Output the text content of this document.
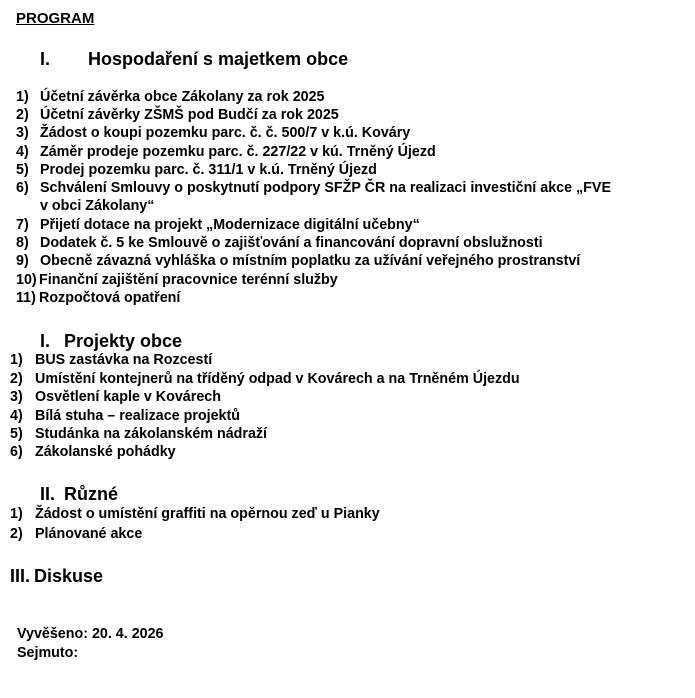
PROGRAM
I. Hospodaření s majetkem obce
1) Účetní závěrka obce Zákolany za rok 2025
2) Účetní závěrky ZŠMŠ pod Budčí za rok 2025
3) Žádost o koupi pozemku parc. č. č. 500/7 v k.ú. Kováry
4) Záměr prodeje pozemku parc. č. 227/22 v kú. Trněný Újezd
5) Prodej pozemku parc. č. 311/1 v k.ú. Trněný Újezd
6) Schválení Smlouvy o poskytnutí podpory SFŽP ČR na realizaci investiční akce „FVE
v obci Zákolany“
7) Přijetí dotace na projekt „Modernizace digitální učebny“
8) Dodatek č. 5 ke Smlouvě o zajišťování a financování dopravní obslužnosti
9) Obecně závazná vyhláška o místním poplatku za užívání veřejného prostranství
10) Finanční zajištění pracovnice terénní služby
11) Rozpočtová opatření
I. Projekty obce
1) BUS zastávka na Rozcestí
2) Umístění kontejnerů na tříděný odpad v Kovárech a na Trněném Újezdu
3) Osvětlení kaple v Kovárech
4) Bílá stuha – realizace projektů
5) Studánka na zákolanském nádraží
6) Zákolanské pohádky
II. Různé
1) Žádost o umístění graffiti na opěrnou zeď u Pianky
2) Plánované akce
III. Diskuse
Vyvěšeno: 20. 4. 2026
Sejmuto:
